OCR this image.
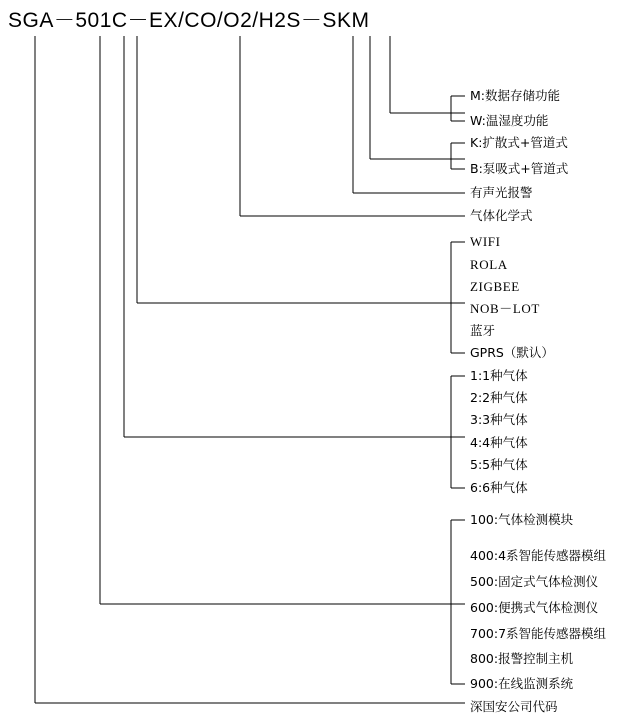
SGA－501C－EX/CO/O2/H2S－SKM
M:数据存储功能
W:温湿度功能
K:扩散式+管道式
B:泵吸式+管道式
有声光报警
气体化学式
WIFI
ROLA
ZIGBEE
NOB－LOT
蓝牙
GPRS（默认）
1:1种气体
2:2种气体
3:3种气体
4:4种气体
5:5种气体
6:6种气体
100:气体检测模块
400:4系智能传感器模组
500:固定式气体检测仪
600:便携式气体检测仪
700:7系智能传感器模组
800:报警控制主机
900:在线监测系统
深国安公司代码
